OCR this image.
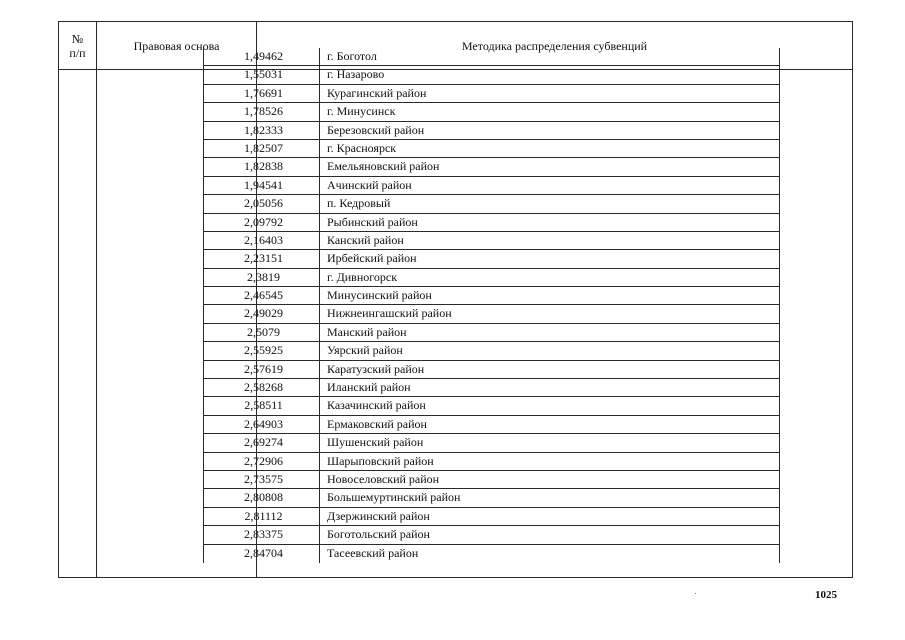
№
п/п	Правовая основа	Методика распределения субвенций
1,49462	г. Боготол
1,55031	г. Назарово
1,76691	Курагинский район
1,78526	г. Минусинск
1,82333	Березовский район
1,82507	г. Красноярск
1,82838	Емельяновский район
1,94541	Ачинский район
2,05056	п. Кедровый
2,09792	Рыбинский район
2,16403	Канский район
2,23151	Ирбейский район
2,3819	г. Дивногорск
2,46545	Минусинский район
2,49029	Нижнеингашский район
2,5079	Манский район
2,55925	Уярский район
2,57619	Каратузский район
2,58268	Иланский район
2,58511	Казачинский район
2,64903	Ермаковский район
2,69274	Шушенский район
2,72906	Шарыповский район
2,73575	Новоселовский район
2,80808	Большемуртинский район
2,81112	Дзержинский район
2,83375	Боготольский район
2,84704	Тасеевский район
1025
